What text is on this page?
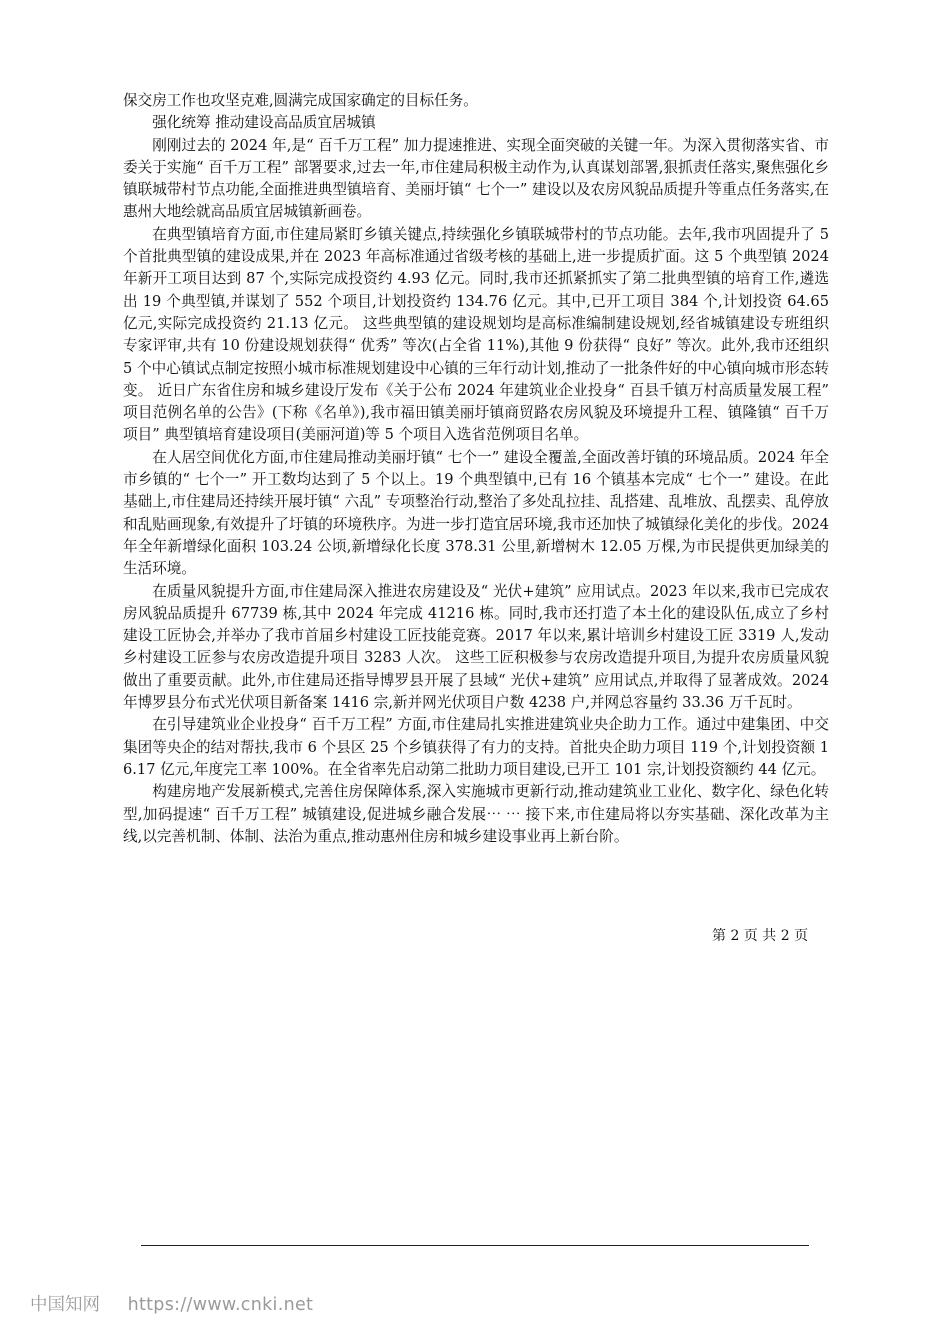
保交房工作也攻坚克难,圆满完成国家确定的目标任务。

强化统筹 推动建设高品质宜居城镇

刚刚过去的 2024 年,是“ 百千万工程” 加力提速推进、实现全面突破的关键一年。为深入贯彻落实省、市委关于实施“ 百千万工程” 部署要求,过去一年,市住建局积极主动作为,认真谋划部署,狠抓责任落实,聚焦强化乡镇联城带村节点功能,全面推进典型镇培育、美丽圩镇“ 七个一” 建设以及农房风貌品质提升等重点任务落实,在惠州大地绘就高品质宜居城镇新画卷。

在典型镇培育方面,市住建局紧盯乡镇关键点,持续强化乡镇联城带村的节点功能。去年,我市巩固提升了 5 个首批典型镇的建设成果,并在 2023 年高标准通过省级考核的基础上,进一步提质扩面。这 5 个典型镇 2024 年新开工项目达到 87 个,实际完成投资约 4.93 亿元。同时,我市还抓紧抓实了第二批典型镇的培育工作,遴选出 19 个典型镇,并谋划了 552 个项目,计划投资约 134.76 亿元。其中,已开工项目 384 个,计划投资 64.65 亿元,实际完成投资约 21.13 亿元。 这些典型镇的建设规划均是高标准编制建设规划,经省城镇建设专班组织专家评审,共有 10 份建设规划获得“ 优秀” 等次(占全省 11%),其他 9 份获得“ 良好” 等次。此外,我市还组织 5 个中心镇试点制定按照小城市标准规划建设中心镇的三年行动计划,推动了一批条件好的中心镇向城市形态转变。 近日广东省住房和城乡建设厅发布《关于公布 2024 年建筑业企业投身“ 百县千镇万村高质量发展工程” 项目范例名单的公告》(下称《名单》),我市福田镇美丽圩镇商贸路农房风貌及环境提升工程、镇隆镇“ 百千万项目” 典型镇培育建设项目(美丽河道)等 5 个项目入选省范例项目名单。

在人居空间优化方面,市住建局推动美丽圩镇“ 七个一” 建设全覆盖,全面改善圩镇的环境品质。2024 年全市乡镇的“ 七个一” 开工数均达到了 5 个以上。19 个典型镇中,已有 16 个镇基本完成“ 七个一” 建设。在此基础上,市住建局还持续开展圩镇“ 六乱” 专项整治行动,整治了多处乱拉挂、乱搭建、乱堆放、乱摆卖、乱停放和乱贴画现象,有效提升了圩镇的环境秩序。为进一步打造宜居环境,我市还加快了城镇绿化美化的步伐。2024 年全年新增绿化面积 103.24 公顷,新增绿化长度 378.31 公里,新增树木 12.05 万棵,为市民提供更加绿美的生活环境。

在质量风貌提升方面,市住建局深入推进农房建设及“ 光伏+建筑” 应用试点。2023 年以来,我市已完成农房风貌品质提升 67739 栋,其中 2024 年完成 41216 栋。同时,我市还打造了本土化的建设队伍,成立了乡村建设工匠协会,并举办了我市首届乡村建设工匠技能竞赛。2017 年以来,累计培训乡村建设工匠 3319 人,发动乡村建设工匠参与农房改造提升项目 3283 人次。 这些工匠积极参与农房改造提升项目,为提升农房质量风貌做出了重要贡献。此外,市住建局还指导博罗县开展了县域“ 光伏+建筑” 应用试点,并取得了显著成效。2024 年博罗县分布式光伏项目新备案 1416 宗,新并网光伏项目户数 4238 户,并网总容量约 33.36 万千瓦时。

在引导建筑业企业投身“ 百千万工程” 方面,市住建局扎实推进建筑业央企助力工作。通过中建集团、中交集团等央企的结对帮扶,我市 6 个县区 25 个乡镇获得了有力的支持。首批央企助力项目 119 个,计划投资额 16.17 亿元,年度完工率 100%。在全省率先启动第二批助力项目建设,已开工 101 宗,计划投资额约 44 亿元。

构建房地产发展新模式,完善住房保障体系,深入实施城市更新行动,推动建筑业工业化、数字化、绿色化转型,加码提速“ 百千万工程” 城镇建设,促进城乡融合发展⋯ ⋯ 接下来,市住建局将以夯实基础、深化改革为主线,以完善机制、体制、法治为重点,推动惠州住房和城乡建设事业再上新台阶。

第 2 页 共 2 页
中国知网 https://www.cnki.net
